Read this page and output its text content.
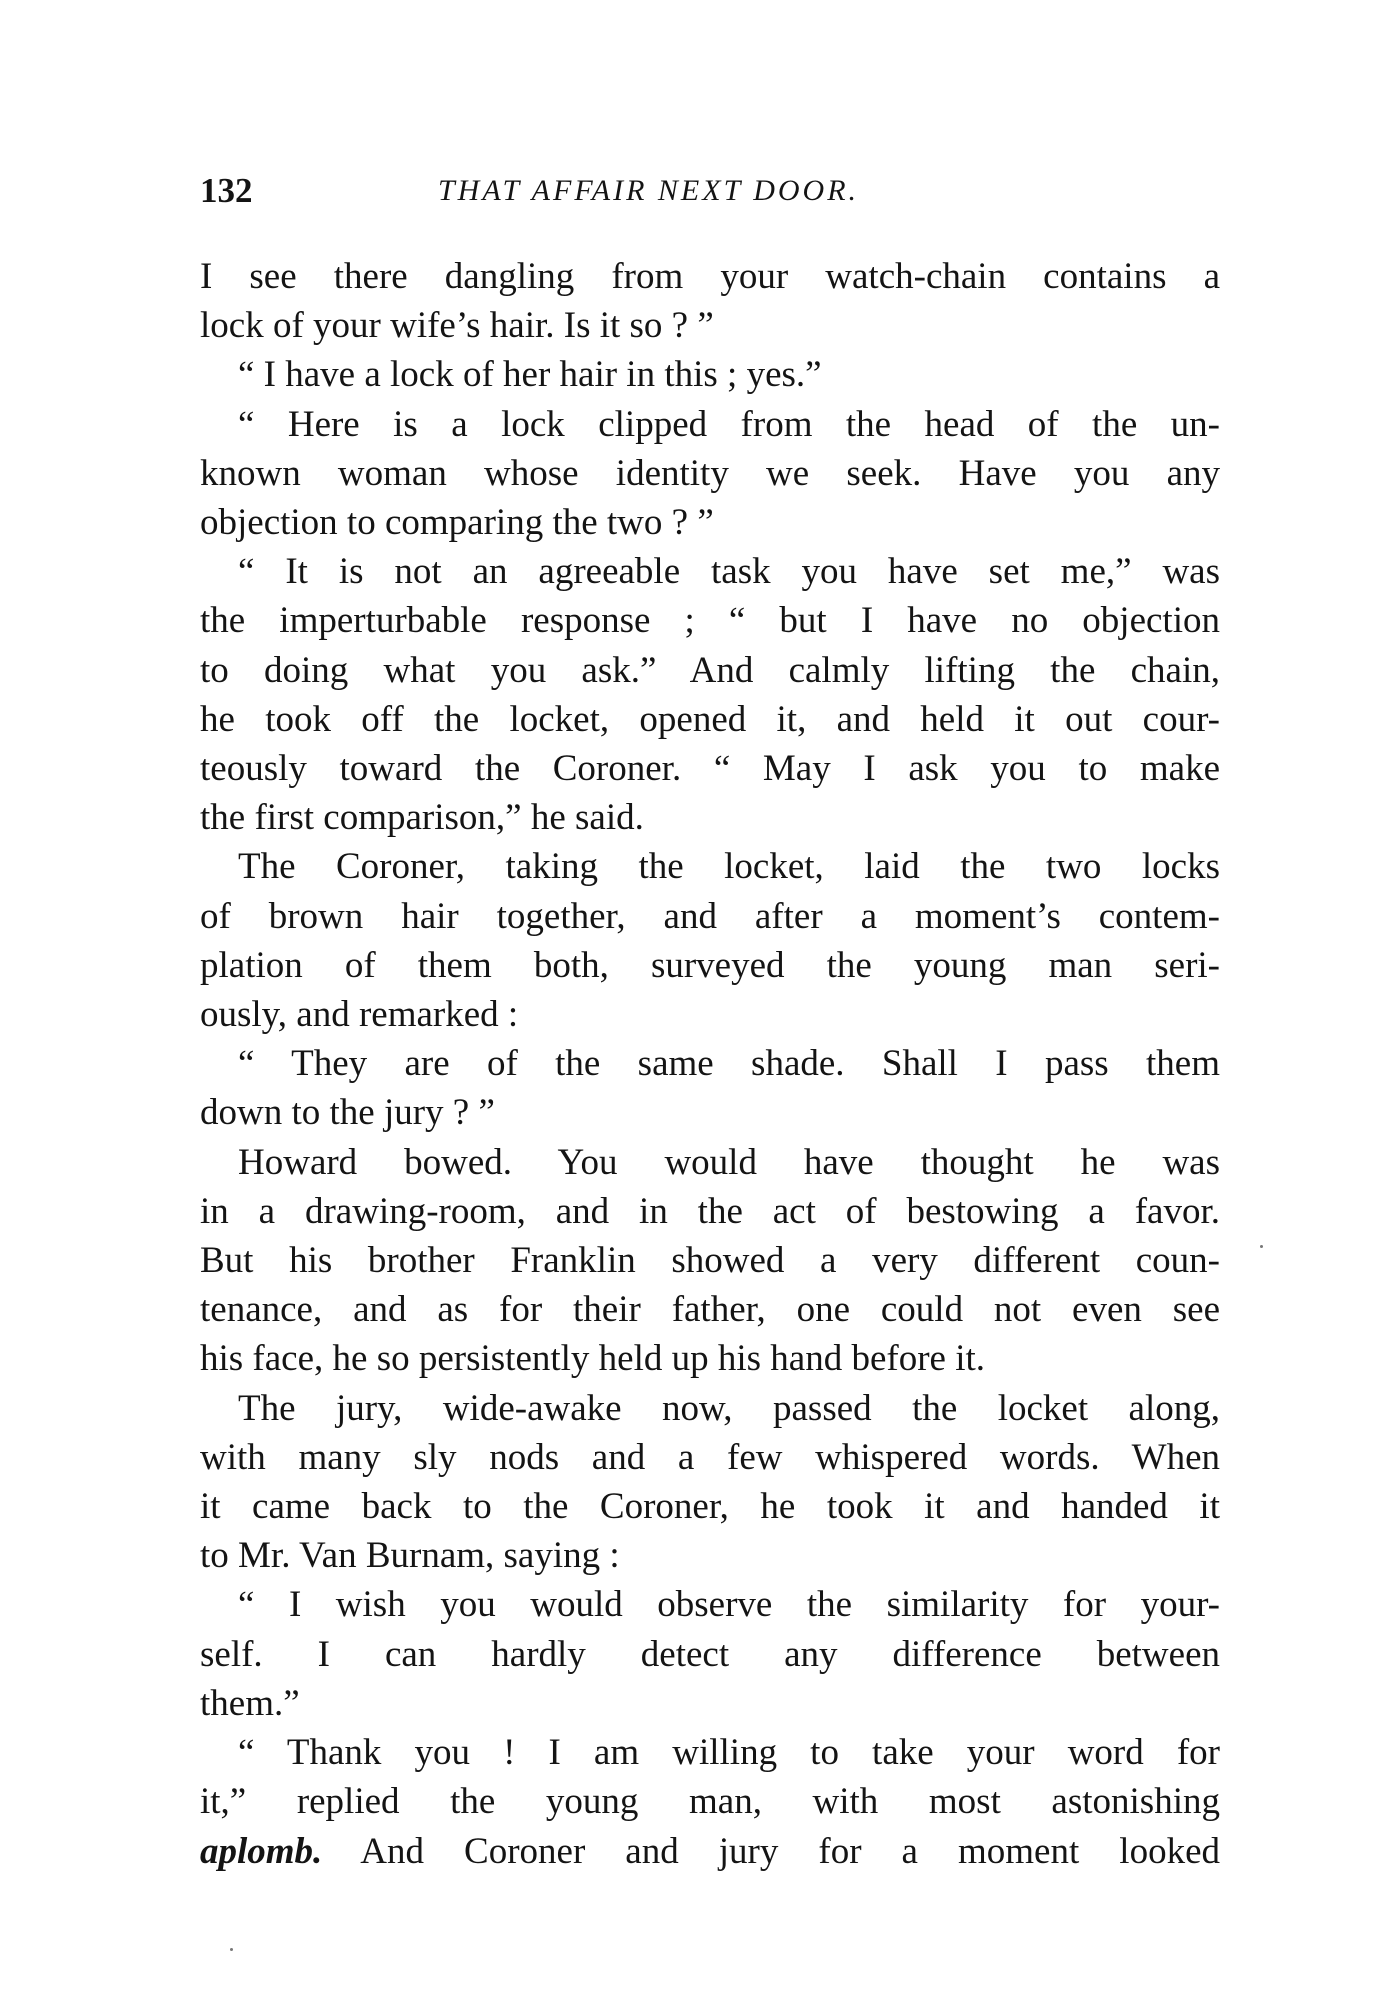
132	THAT AFFAIR NEXT DOOR.
I see there dangling from your watch-chain contains a
lock of your wife’s hair. Is it so ? ”
“ I have a lock of her hair in this ; yes.”
“ Here is a lock clipped from the head of the un-
known woman whose identity we seek. Have you any
objection to comparing the two ? ”
“ It is not an agreeable task you have set me,” was
the imperturbable response ; “ but I have no objection
to doing what you ask.” And calmly lifting the chain,
he took off the locket, opened it, and held it out cour-
teously toward the Coroner. “ May I ask you to make
the first comparison,” he said.
The Coroner, taking the locket, laid the two locks
of brown hair together, and after a moment’s contem-
plation of them both, surveyed the young man seri-
ously, and remarked :
“ They are of the same shade. Shall I pass them
down to the jury ? ”
Howard bowed. You would have thought he was
in a drawing-room, and in the act of bestowing a favor.
But his brother Franklin showed a very different coun-
tenance, and as for their father, one could not even see
his face, he so persistently held up his hand before it.
The jury, wide-awake now, passed the locket along,
with many sly nods and a few whispered words. When
it came back to the Coroner, he took it and handed it
to Mr. Van Burnam, saying :
“ I wish you would observe the similarity for your-
self. I can hardly detect any difference between
them.”
“ Thank you ! I am willing to take your word for
it,” replied the young man, with most astonishing
aplomb. And Coroner and jury for a moment looked
